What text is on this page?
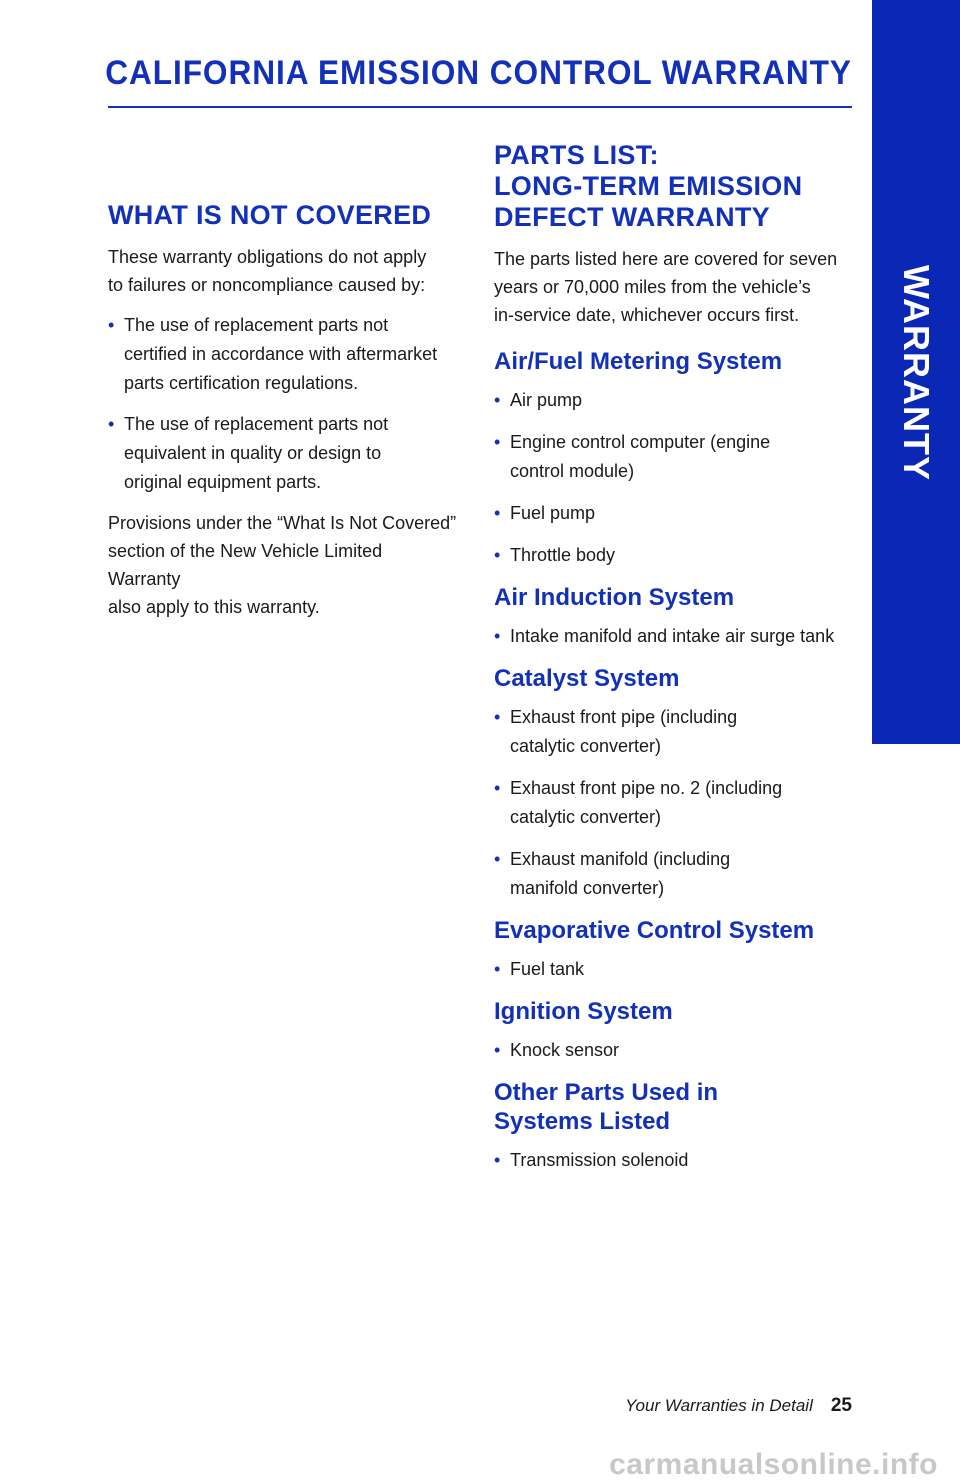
WARRANTY
CALIFORNIA EMISSION CONTROL WARRANTY
WHAT IS NOT COVERED

These warranty obligations do not apply
to failures or noncompliance caused by:

• The use of replacement parts not
certified in accordance with aftermarket
parts certification regulations.
• The use of replacement parts not
equivalent in quality or design to
original equipment parts.

Provisions under the “What Is Not Covered”
section of the New Vehicle Limited Warranty
also apply to this warranty.

PARTS LIST:
LONG-TERM EMISSION
DEFECT WARRANTY

The parts listed here are covered for seven
years or 70,000 miles from the vehicle’s
in-service date, whichever occurs first.

Air/Fuel Metering System
• Air pump
• Engine control computer (engine
control module)
• Fuel pump
• Throttle body
Air Induction System
• Intake manifold and intake air surge tank
Catalyst System
• Exhaust front pipe (including
catalytic converter)
• Exhaust front pipe no. 2 (including
catalytic converter)
• Exhaust manifold (including
manifold converter)
Evaporative Control System
• Fuel tank
Ignition System
• Knock sensor
Other Parts Used in
Systems Listed
• Transmission solenoid
Your Warranties in Detail 25
carmanualsonline.info
